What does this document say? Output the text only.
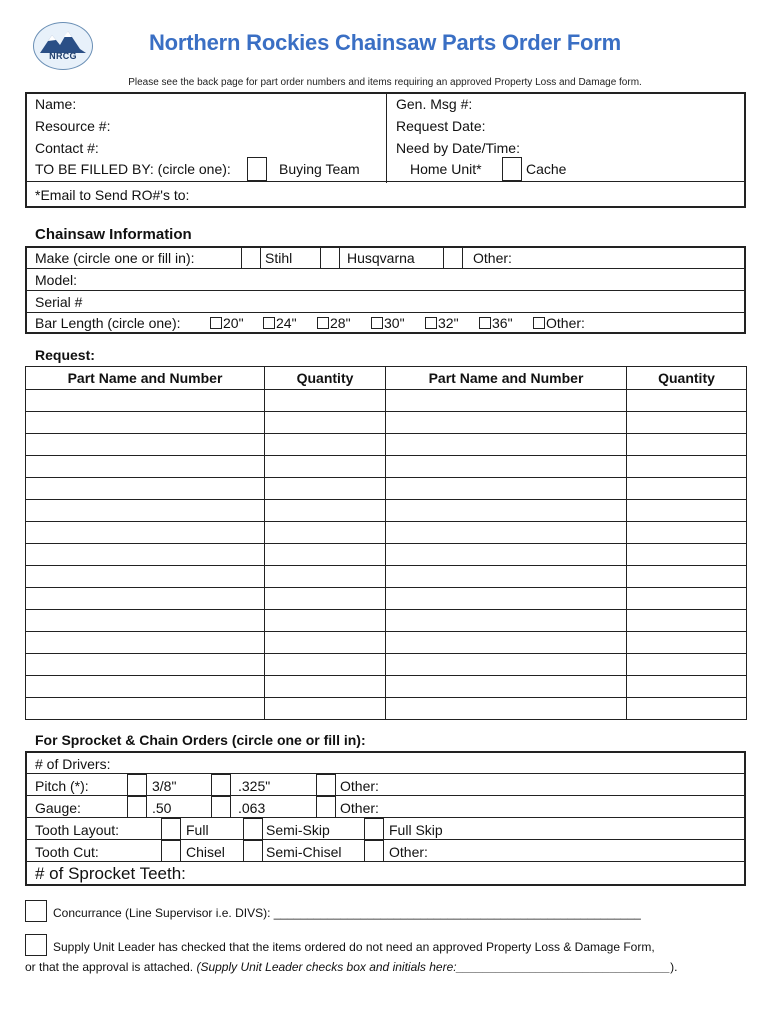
NRCG
Northern Rockies Chainsaw Parts Order Form
Please see the back page for part order numbers and items requiring an approved Property Loss and Damage form.
Name:	Gen. Msg #:
Resource #:	Request Date:
Contact #:	Need by Date/Time:
TO BE FILLED BY: (circle one):	Buying Team	Home Unit*	Cache
*Email to Send RO#'s to:
Chainsaw Information
Make (circle one or fill in):	Stihl	Husqvarna	Other:
Model:
Serial #
Bar Length (circle one):	20"	24"	28"	30"	32"	36"	Other:
Request:
Part Name and Number	Quantity	Part Name and Number	Quantity

For Sprocket & Chain Orders (circle one or fill in):
# of Drivers:
Pitch (*):	3/8"	.325"	Other:
Gauge:	.50	.063	Other:
Tooth Layout:	Full	Semi-Skip	Full Skip
Tooth Cut:	Chisel	Semi-Chisel	Other:
# of Sprocket Teeth:
Concurrance (Line Supervisor i.e. DIVS): _______________________________________________________
Supply Unit Leader has checked that the items ordered do not need an approved Property Loss & Damage Form,
or that the approval is attached. (Supply Unit Leader checks box and initials here:________________________________).
